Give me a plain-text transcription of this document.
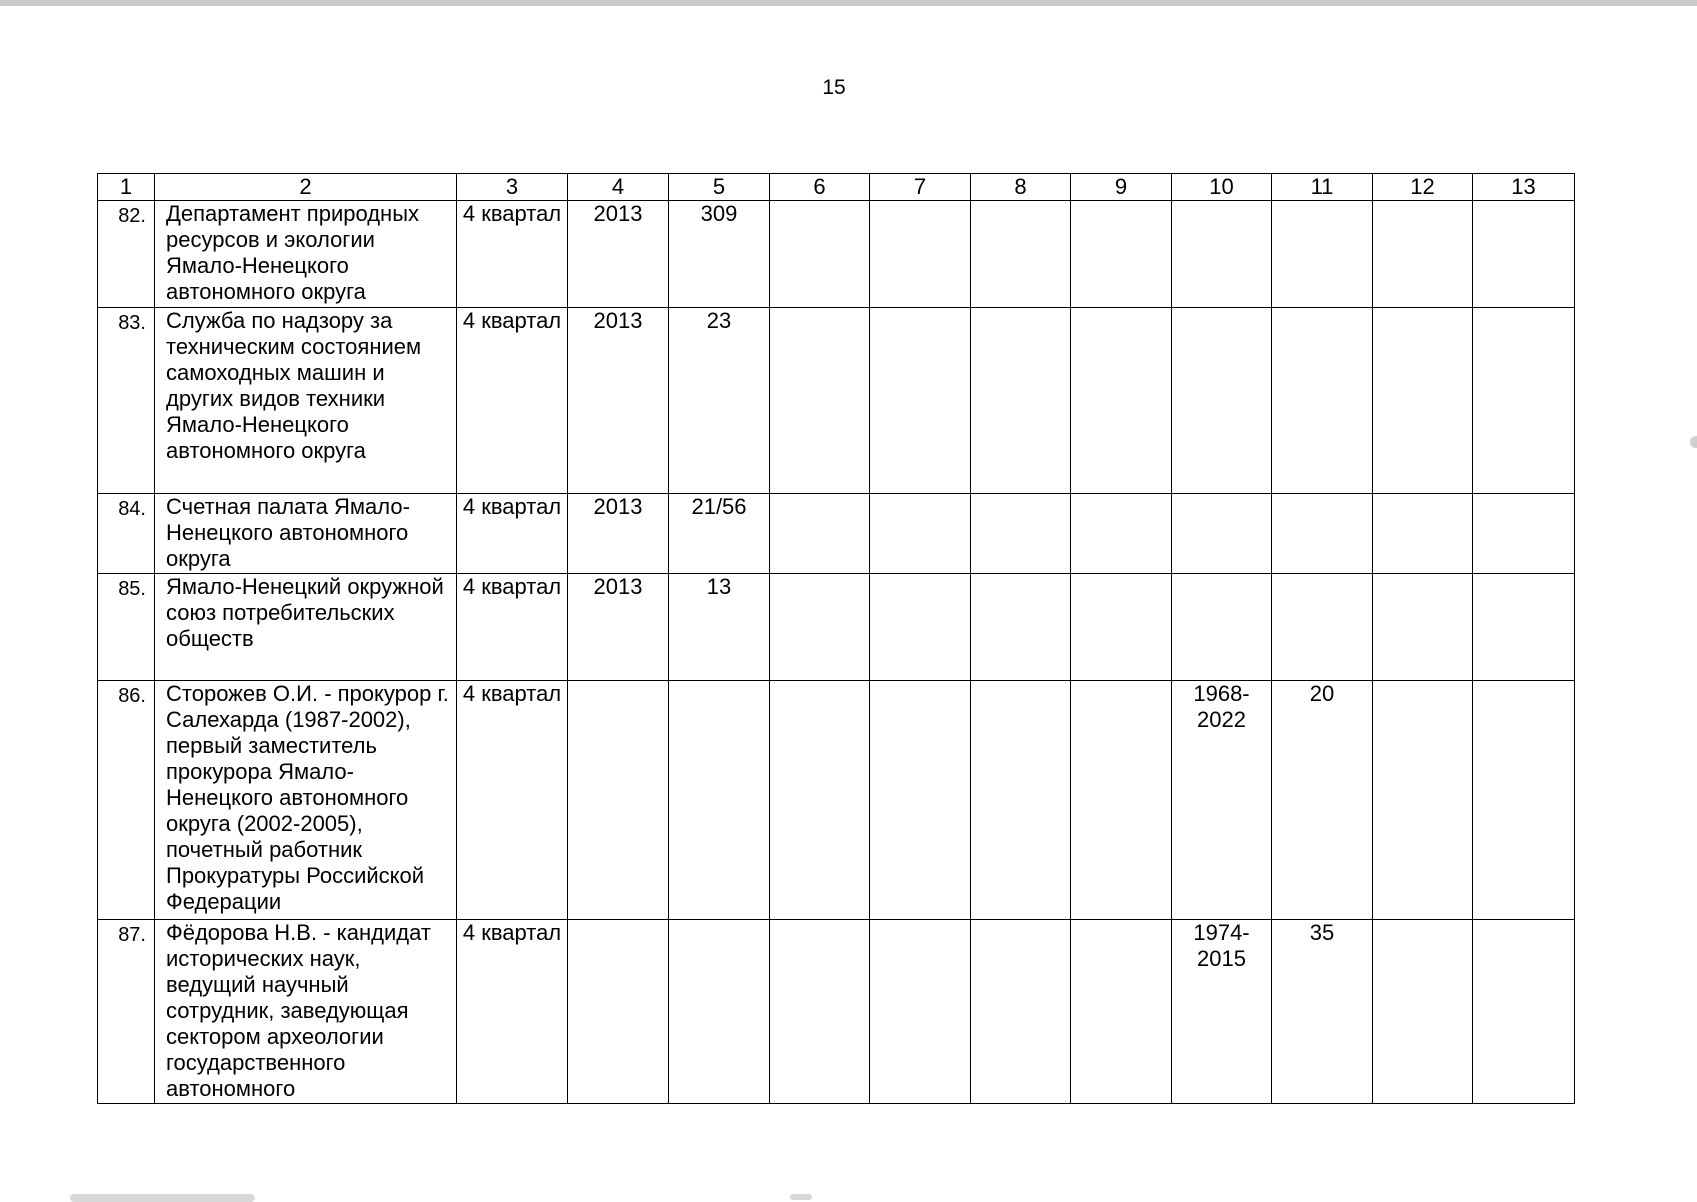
15
1	2	3	4	5	6	7	8	9	10	11	12	13
82.	Департамент природных ресурсов и экологии Ямало-Ненецкого автономного округа	4 квартал	2013	309								
83.	Служба по надзору за техническим состоянием самоходных машин и других видов техники Ямало-Ненецкого автономного округа	4 квартал	2013	23								
84.	Счетная палата Ямало-Ненецкого автономного округа	4 квартал	2013	21/56								
85.	Ямало-Ненецкий окружной союз потребительских обществ	4 квартал	2013	13								
86.	Сторожев О.И. - прокурор г. Салехарда (1987-2002), первый заместитель прокурора Ямало-Ненецкого автономного округа (2002-2005), почетный работник Прокуратуры Российской Федерации	4 квартал							1968-2022	20		
87.	Фёдорова Н.В. - кандидат исторических наук, ведущий научный сотрудник, заведующая сектором археологии государственного автономного	4 квартал							1974-2015	35		
